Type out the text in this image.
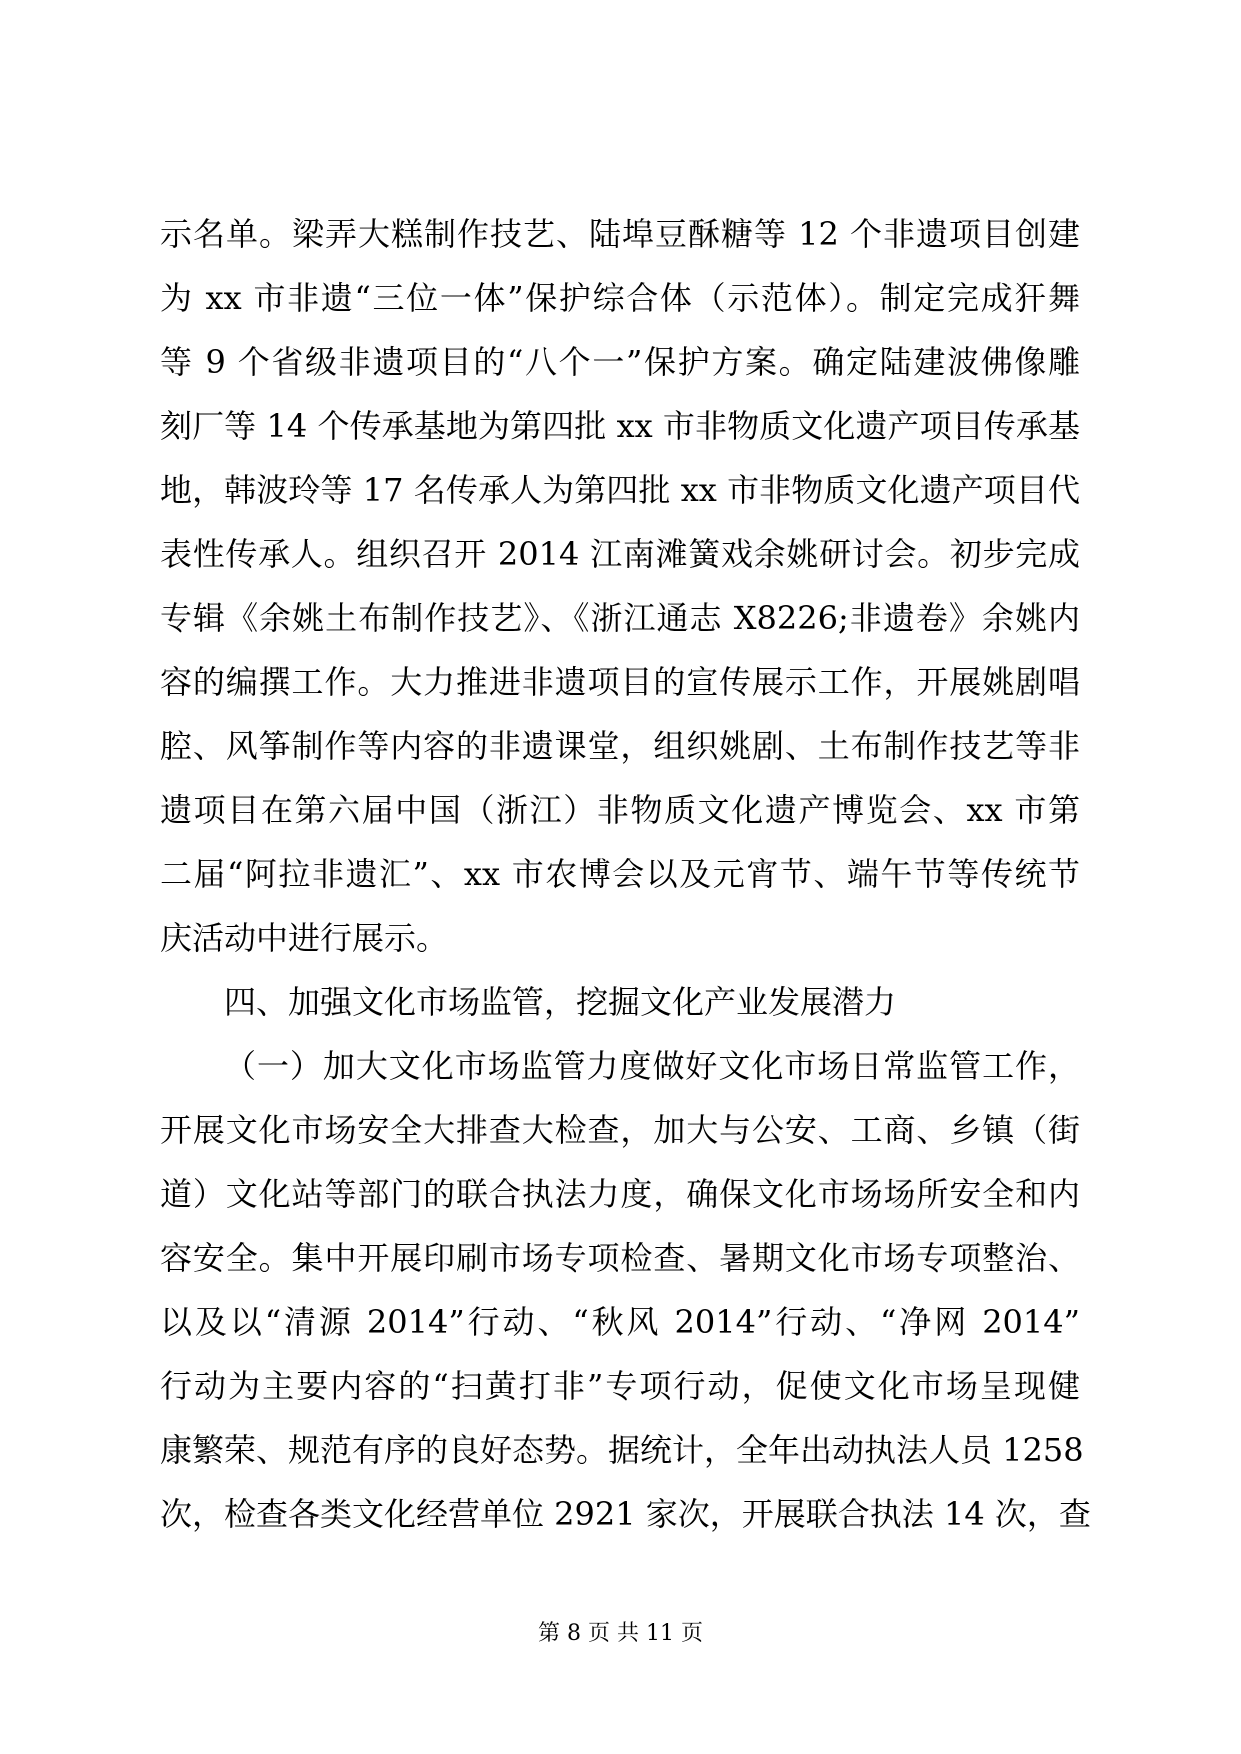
示名单。梁弄大糕制作技艺、陆埠豆酥糖等 12 个非遗项目创建

为 xx 市非遗“三位一体”保护综合体（示范体）。制定完成犴舞

等 9 个省级非遗项目的“八个一”保护方案。确定陆建波佛像雕

刻厂等 14 个传承基地为第四批 xx 市非物质文化遗产项目传承基

地，韩波玲等 17 名传承人为第四批 xx 市非物质文化遗产项目代

表性传承人。组织召开 2014 江南滩簧戏余姚研讨会。初步完成

专辑《余姚土布制作技艺》、《浙江通志 X8226;非遗卷》余姚内

容的编撰工作。大力推进非遗项目的宣传展示工作，开展姚剧唱

腔、风筝制作等内容的非遗课堂，组织姚剧、土布制作技艺等非

遗项目在第六届中国（浙江）非物质文化遗产博览会、xx 市第

二届“阿拉非遗汇”、xx 市农博会以及元宵节、端午节等传统节

庆活动中进行展示。

四、加强文化市场监管，挖掘文化产业发展潜力

（一）加大文化市场监管力度做好文化市场日常监管工作，

开展文化市场安全大排查大检查，加大与公安、工商、乡镇（街

道）文化站等部门的联合执法力度，确保文化市场场所安全和内

容安全。集中开展印刷市场专项检查、暑期文化市场专项整治、

以及以“清源 2014”行动、“秋风 2014”行动、“净网 2014”

行动为主要内容的“扫黄打非”专项行动，促使文化市场呈现健

康繁荣、规范有序的良好态势。据统计，全年出动执法人员 1258

次，检查各类文化经营单位 2921 家次，开展联合执法 14 次，查

第 8 页 共 11 页
